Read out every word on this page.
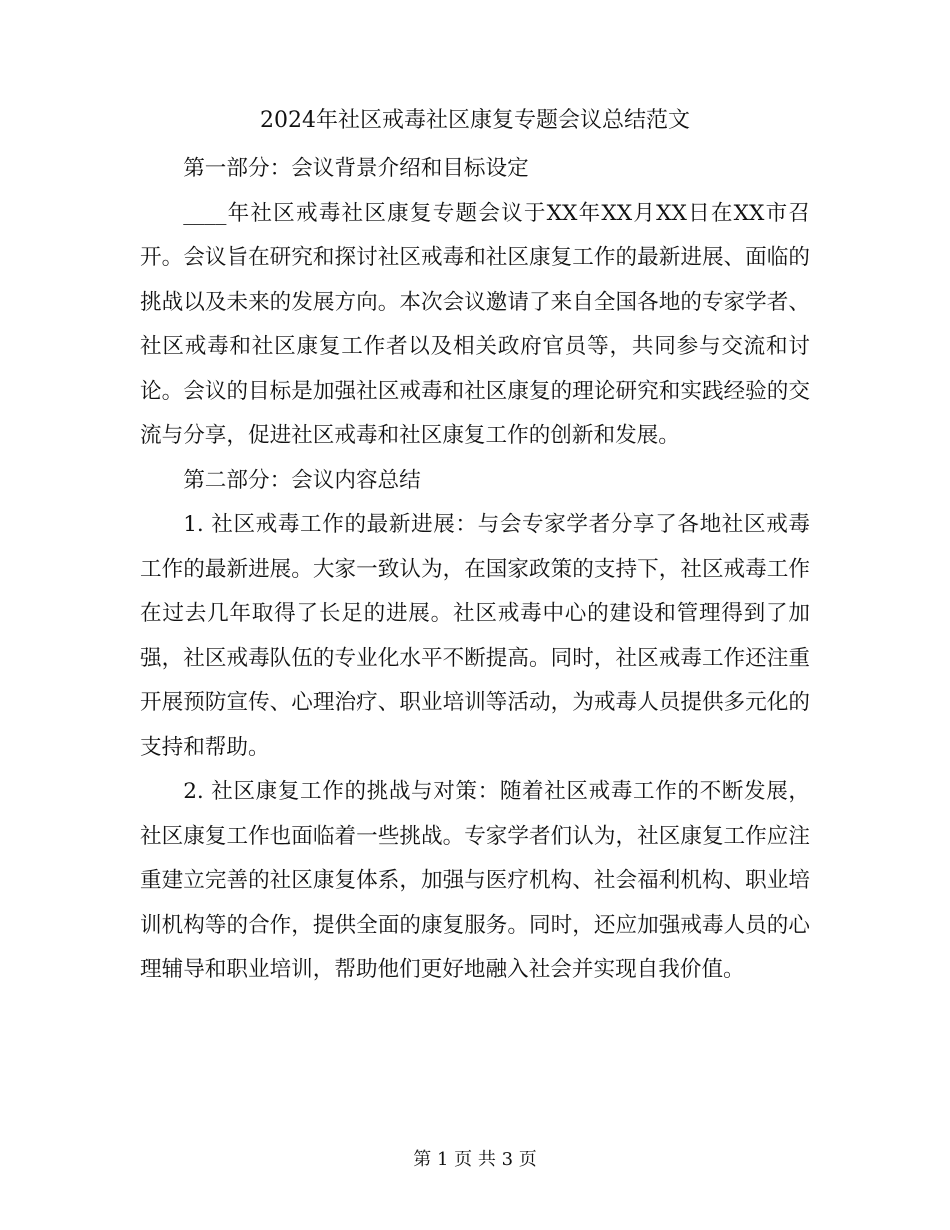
2024年社区戒毒社区康复专题会议总结范文

第一部分：会议背景介绍和目标设定

____年社区戒毒社区康复专题会议于XX年XX月XX日在XX市召开。会议旨在研究和探讨社区戒毒和社区康复工作的最新进展、面临的挑战以及未来的发展方向。本次会议邀请了来自全国各地的专家学者、社区戒毒和社区康复工作者以及相关政府官员等，共同参与交流和讨论。会议的目标是加强社区戒毒和社区康复的理论研究和实践经验的交流与分享，促进社区戒毒和社区康复工作的创新和发展。

第二部分：会议内容总结

1. 社区戒毒工作的最新进展：与会专家学者分享了各地社区戒毒工作的最新进展。大家一致认为，在国家政策的支持下，社区戒毒工作在过去几年取得了长足的进展。社区戒毒中心的建设和管理得到了加强，社区戒毒队伍的专业化水平不断提高。同时，社区戒毒工作还注重开展预防宣传、心理治疗、职业培训等活动，为戒毒人员提供多元化的支持和帮助。

2. 社区康复工作的挑战与对策：随着社区戒毒工作的不断发展，社区康复工作也面临着一些挑战。专家学者们认为，社区康复工作应注重建立完善的社区康复体系，加强与医疗机构、社会福利机构、职业培训机构等的合作，提供全面的康复服务。同时，还应加强戒毒人员的心理辅导和职业培训，帮助他们更好地融入社会并实现自我价值。

第 1 页 共 3 页
